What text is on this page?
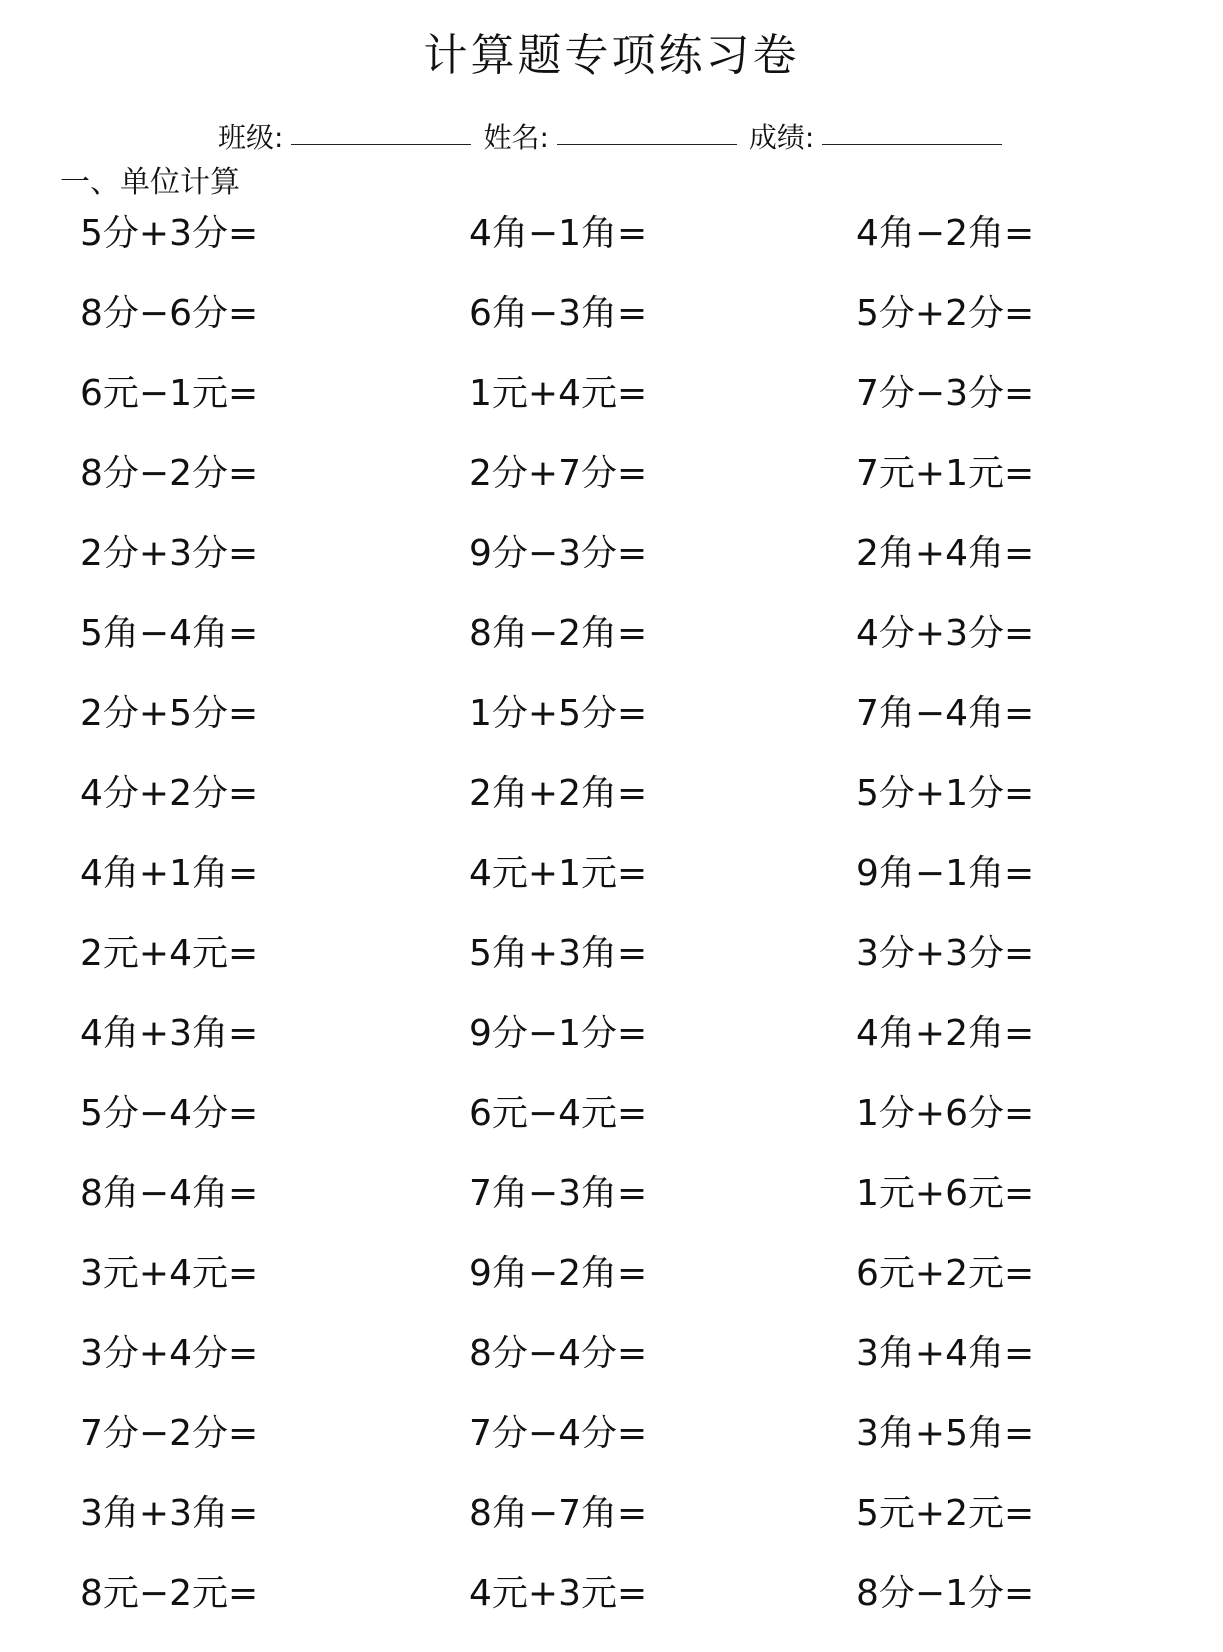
计算题专项练习卷
班级:	姓名:	成绩:
一、单位计算
5分+3分=	4角−1角=	4角−2角=
8分−6分=	6角−3角=	5分+2分=
6元−1元=	1元+4元=	7分−3分=
8分−2分=	2分+7分=	7元+1元=
2分+3分=	9分−3分=	2角+4角=
5角−4角=	8角−2角=	4分+3分=
2分+5分=	1分+5分=	7角−4角=
4分+2分=	2角+2角=	5分+1分=
4角+1角=	4元+1元=	9角−1角=
2元+4元=	5角+3角=	3分+3分=
4角+3角=	9分−1分=	4角+2角=
5分−4分=	6元−4元=	1分+6分=
8角−4角=	7角−3角=	1元+6元=
3元+4元=	9角−2角=	6元+2元=
3分+4分=	8分−4分=	3角+4角=
7分−2分=	7分−4分=	3角+5角=
3角+3角=	8角−7角=	5元+2元=
8元−2元=	4元+3元=	8分−1分=
